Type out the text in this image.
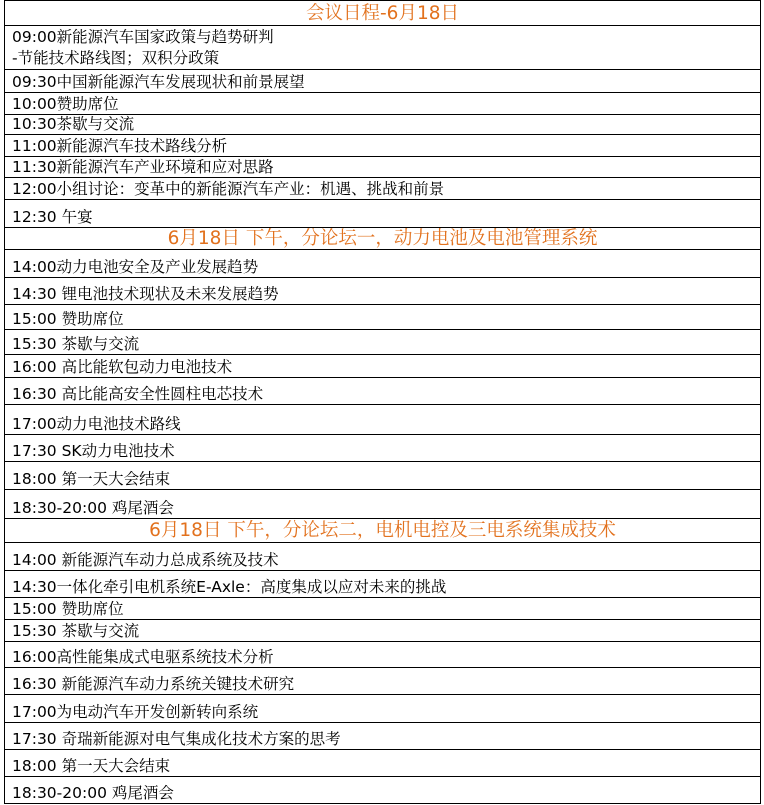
会议日程-6月18日

09:00新能源汽车国家政策与趋势研判
-节能技术路线图；双积分政策

09:30中国新能源汽车发展现状和前景展望

10:00赞助席位

10:30茶歇与交流

11:00新能源汽车技术路线分析

11:30新能源汽车产业环境和应对思路

12:00小组讨论：变革中的新能源汽车产业：机遇、挑战和前景

12:30 午宴

6月18日 下午，分论坛一，动力电池及电池管理系统

14:00动力电池安全及产业发展趋势

14:30 锂电池技术现状及未来发展趋势

15:00 赞助席位

15:30 茶歇与交流

16:00 高比能软包动力电池技术

16:30 高比能高安全性圆柱电芯技术

17:00动力电池技术路线

17:30 SK动力电池技术

18:00 第一天大会结束

18:30-20:00 鸡尾酒会

6月18日 下午，分论坛二，电机电控及三电系统集成技术

14:00 新能源汽车动力总成系统及技术

14:30一体化牵引电机系统E-Axle：高度集成以应对未来的挑战

15:00 赞助席位

15:30 茶歇与交流

16:00高性能集成式电驱系统技术分析

16:30 新能源汽车动力系统关键技术研究

17:00为电动汽车开发创新转向系统

17:30 奇瑞新能源对电气集成化技术方案的思考

18:00 第一天大会结束

18:30-20:00 鸡尾酒会
